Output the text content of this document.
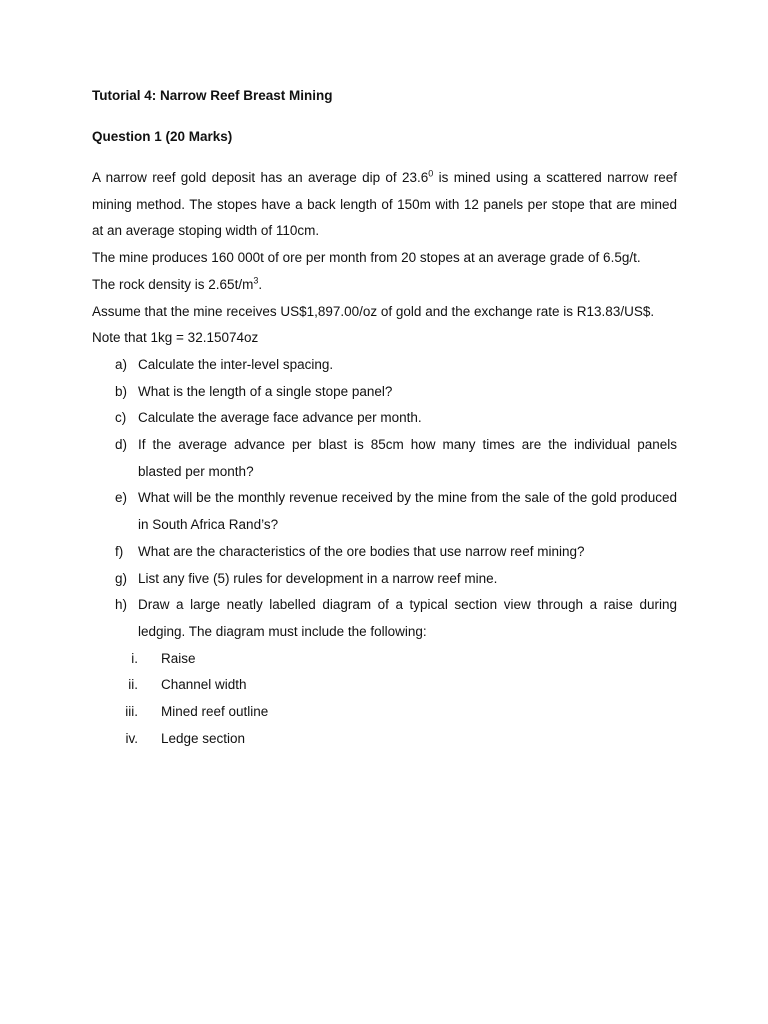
Tutorial 4: Narrow Reef Breast Mining
Question 1 (20 Marks)

A narrow reef gold deposit has an average dip of 23.6$^0$ is mined using a scattered narrow reef mining method. The stopes have a back length of 150m with 12 panels per stope that are mined at an average stoping width of 110cm.

The mine produces 160 000t of ore per month from 20 stopes at an average grade of 6.5g/t.

The rock density is $2.65t/m^3$.

Assume that the mine receives US$1,897.00/oz of gold and the exchange rate is R13.83/US$.

Note that 1kg = 32.15074oz

a) Calculate the inter-level spacing.
b) What is the length of a single stope panel?
c) Calculate the average face advance per month.
d) If the average advance per blast is 85cm how many times are the individual panels blasted per month?
e) What will be the monthly revenue received by the mine from the sale of the gold produced in South Africa Rand’s?
f) What are the characteristics of the ore bodies that use narrow reef mining?
g) List any five (5) rules for development in a narrow reef mine.
h) Draw a large neatly labelled diagram of a typical section view through a raise during ledging. The diagram must include the following:
i. Raise
ii. Channel width
iii. Mined reef outline
iv. Ledge section
